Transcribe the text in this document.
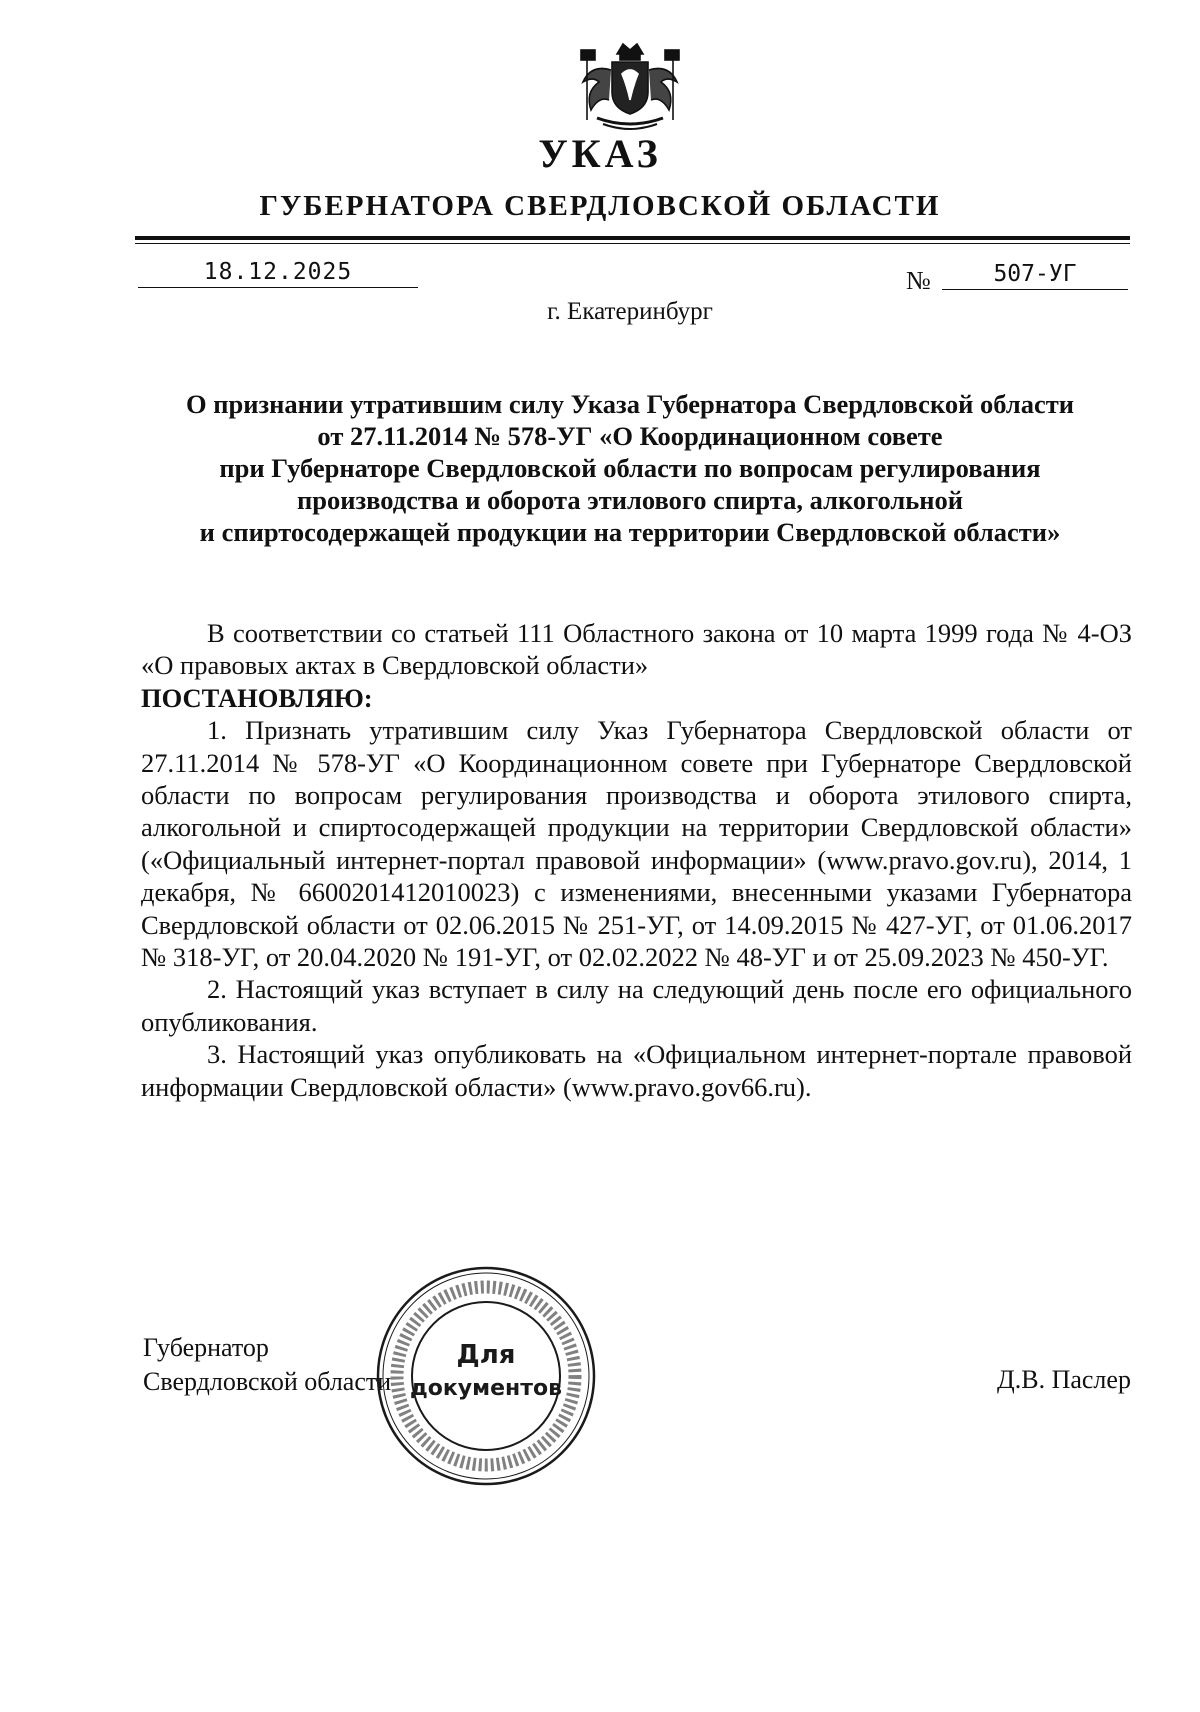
УКАЗ
ГУБЕРНАТОРА СВЕРДЛОВСКОЙ ОБЛАСТИ
18.12.2025	№	507-УГ
г. Екатеринбург
О признании утратившим силу Указа Губернатора Свердловской области
от 27.11.2014 № 578-УГ «О Координационном совете
при Губернаторе Свердловской области по вопросам регулирования
производства и оборота этилового спирта, алкогольной
и спиртосодержащей продукции на территории Свердловской области»

В соответствии со статьей 111 Областного закона от 10 марта 1999 года № 4-ОЗ «О правовых актах в Свердловской области»

ПОСТАНОВЛЯЮ:

1. Признать утратившим силу Указ Губернатора Свердловской области от 27.11.2014 № 578-УГ «О Координационном совете при Губернаторе Свердловской области по вопросам регулирования производства и оборота этилового спирта, алкогольной и спиртосодержащей продукции на территории Свердловской области» («Официальный интернет-портал правовой информации» (www.pravo.gov.ru), 2014, 1 декабря, № 6600201412010023) с изменениями, внесенными указами Губернатора Свердловской области от 02.06.2015 № 251-УГ, от 14.09.2015 № 427-УГ, от 01.06.2017 № 318-УГ, от 20.04.2020 № 191-УГ, от 02.02.2022 № 48-УГ и от 25.09.2023 № 450-УГ.

2. Настоящий указ вступает в силу на следующий день после его официального опубликования.

3. Настоящий указ опубликовать на «Официальном интернет-портале правовой информации Свердловской области» (www.pravo.gov66.ru).

Губернатор
Свердловской области	Д.В. Паслер
Для
документов
